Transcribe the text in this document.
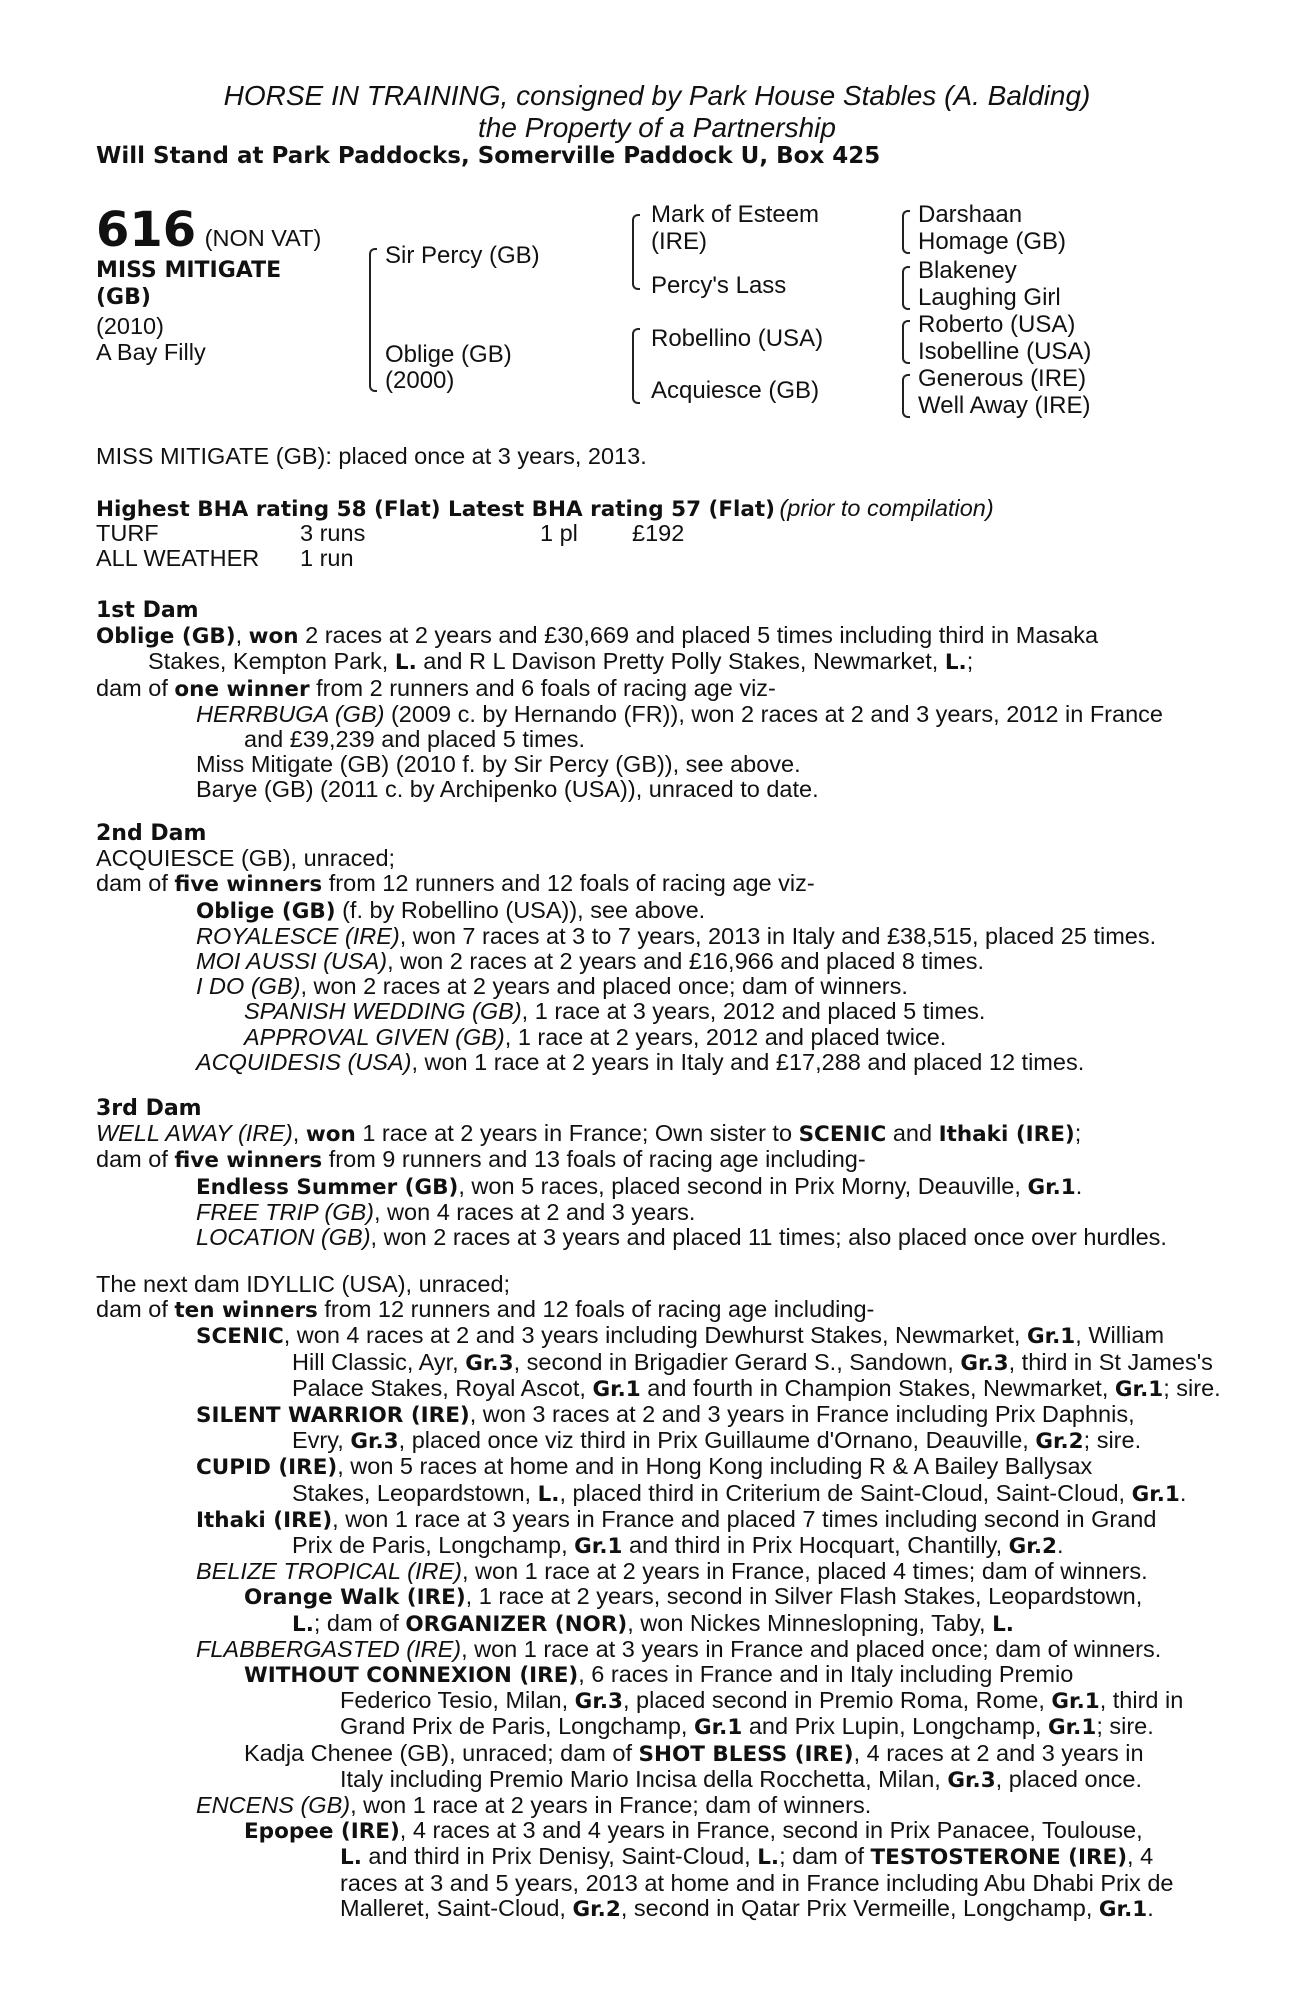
HORSE IN TRAINING, consigned by Park House Stables (A. Balding)
the Property of a Partnership
Will Stand at Park Paddocks, Somerville Paddock U, Box 425
616 (NON VAT)
MISS MITIGATE
(GB)
(2010)
A Bay Filly
Sir Percy (GB)
Oblige (GB)
(2000)
Mark of Esteem
(IRE)
Percy's Lass
Robellino (USA)
Acquiesce (GB)
Darshaan
Homage (GB)
Blakeney
Laughing Girl
Roberto (USA)
Isobelline (USA)
Generous (IRE)
Well Away (IRE)
MISS MITIGATE (GB): placed once at 3 years, 2013.
Highest BHA rating 58 (Flat) Latest BHA rating 57 (Flat) (prior to compilation)
TURF	3 runs	1 pl £192
ALL WEATHER 1 run
1st Dam
Oblige (GB), won 2 races at 2 years and £30,669 and placed 5 times including third in Masaka
Stakes, Kempton Park, L. and R L Davison Pretty Polly Stakes, Newmarket, L.;
dam of one winner from 2 runners and 6 foals of racing age viz-
HERRBUGA (GB) (2009 c. by Hernando (FR)), won 2 races at 2 and 3 years, 2012 in France
and £39,239 and placed 5 times.
Miss Mitigate (GB) (2010 f. by Sir Percy (GB)), see above.
Barye (GB) (2011 c. by Archipenko (USA)), unraced to date.
2nd Dam
ACQUIESCE (GB), unraced;
dam of five winners from 12 runners and 12 foals of racing age viz-
Oblige (GB) (f. by Robellino (USA)), see above.
ROYALESCE (IRE), won 7 races at 3 to 7 years, 2013 in Italy and £38,515, placed 25 times.
MOI AUSSI (USA), won 2 races at 2 years and £16,966 and placed 8 times.
I DO (GB), won 2 races at 2 years and placed once; dam of winners.
SPANISH WEDDING (GB), 1 race at 3 years, 2012 and placed 5 times.
APPROVAL GIVEN (GB), 1 race at 2 years, 2012 and placed twice.
ACQUIDESIS (USA), won 1 race at 2 years in Italy and £17,288 and placed 12 times.
3rd Dam
WELL AWAY (IRE), won 1 race at 2 years in France; Own sister to SCENIC and Ithaki (IRE);
dam of five winners from 9 runners and 13 foals of racing age including-
Endless Summer (GB), won 5 races, placed second in Prix Morny, Deauville, Gr.1.
FREE TRIP (GB), won 4 races at 2 and 3 years.
LOCATION (GB), won 2 races at 3 years and placed 11 times; also placed once over hurdles.
The next dam IDYLLIC (USA), unraced;
dam of ten winners from 12 runners and 12 foals of racing age including-
SCENIC, won 4 races at 2 and 3 years including Dewhurst Stakes, Newmarket, Gr.1, William
Hill Classic, Ayr, Gr.3, second in Brigadier Gerard S., Sandown, Gr.3, third in St James's
Palace Stakes, Royal Ascot, Gr.1 and fourth in Champion Stakes, Newmarket, Gr.1; sire.
SILENT WARRIOR (IRE), won 3 races at 2 and 3 years in France including Prix Daphnis,
Evry, Gr.3, placed once viz third in Prix Guillaume d'Ornano, Deauville, Gr.2; sire.
CUPID (IRE), won 5 races at home and in Hong Kong including R & A Bailey Ballysax
Stakes, Leopardstown, L., placed third in Criterium de Saint-Cloud, Saint-Cloud, Gr.1.
Ithaki (IRE), won 1 race at 3 years in France and placed 7 times including second in Grand
Prix de Paris, Longchamp, Gr.1 and third in Prix Hocquart, Chantilly, Gr.2.
BELIZE TROPICAL (IRE), won 1 race at 2 years in France, placed 4 times; dam of winners.
Orange Walk (IRE), 1 race at 2 years, second in Silver Flash Stakes, Leopardstown,
L.; dam of ORGANIZER (NOR), won Nickes Minneslopning, Taby, L.
FLABBERGASTED (IRE), won 1 race at 3 years in France and placed once; dam of winners.
WITHOUT CONNEXION (IRE), 6 races in France and in Italy including Premio
Federico Tesio, Milan, Gr.3, placed second in Premio Roma, Rome, Gr.1, third in
Grand Prix de Paris, Longchamp, Gr.1 and Prix Lupin, Longchamp, Gr.1; sire.
Kadja Chenee (GB), unraced; dam of SHOT BLESS (IRE), 4 races at 2 and 3 years in
Italy including Premio Mario Incisa della Rocchetta, Milan, Gr.3, placed once.
ENCENS (GB), won 1 race at 2 years in France; dam of winners.
Epopee (IRE), 4 races at 3 and 4 years in France, second in Prix Panacee, Toulouse,
L. and third in Prix Denisy, Saint-Cloud, L.; dam of TESTOSTERONE (IRE), 4
races at 3 and 5 years, 2013 at home and in France including Abu Dhabi Prix de
Malleret, Saint-Cloud, Gr.2, second in Qatar Prix Vermeille, Longchamp, Gr.1.
